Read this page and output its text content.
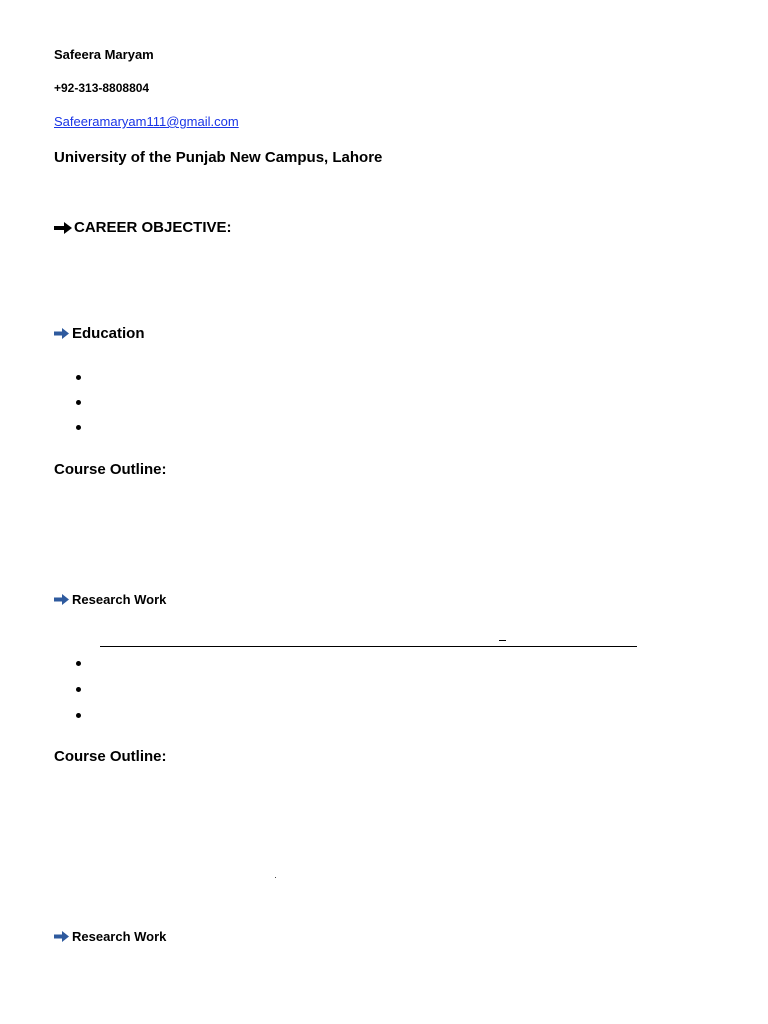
Safeera Maryam
+92-313-8808804
Safeeramaryam111@gmail.com
University of the Punjab New Campus, Lahore
CAREER OBJECTIVE:
Education
Course Outline:
Research Work
Course Outline:
Research Work
